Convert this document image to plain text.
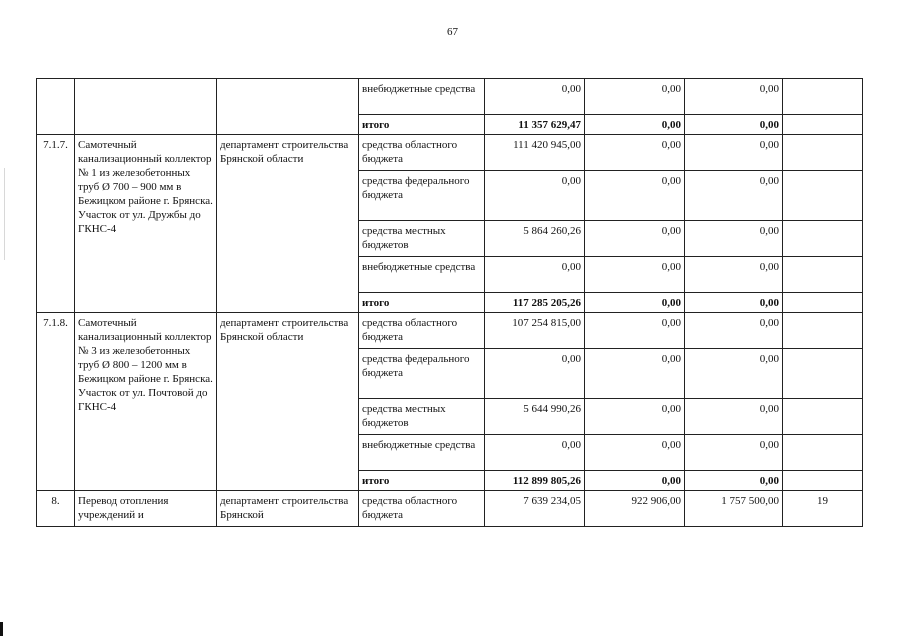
67
			внебюджетные средства	0,00	0,00	0,00	
			итого	11 357 629,47	0,00	0,00	
7.1.7.	Самотечный канализационный коллектор № 1 из железобетонных труб Ø 700 – 900 мм в Бежицком районе г. Брянска. Участок от ул. Дружбы до ГКНС-4	департамент строительства Брянской области	средства областного бюджета	111 420 945,00	0,00	0,00	
			средства федерального бюджета	0,00	0,00	0,00	
			средства местных бюджетов	5 864 260,26	0,00	0,00	
			внебюджетные средства	0,00	0,00	0,00	
			итого	117 285 205,26	0,00	0,00	
7.1.8.	Самотечный канализационный коллектор № 3 из железобетонных труб Ø 800 – 1200 мм в Бежицком районе г. Брянска. Участок от ул. Почтовой до ГКНС-4	департамент строительства Брянской области	средства областного бюджета	107 254 815,00	0,00	0,00	
			средства федерального бюджета	0,00	0,00	0,00	
			средства местных бюджетов	5 644 990,26	0,00	0,00	
			внебюджетные средства	0,00	0,00	0,00	
			итого	112 899 805,26	0,00	0,00	
8.	Перевод отопления учреждений и	департамент строительства Брянской	средства областного бюджета	7 639 234,05	922 906,00	1 757 500,00	19
